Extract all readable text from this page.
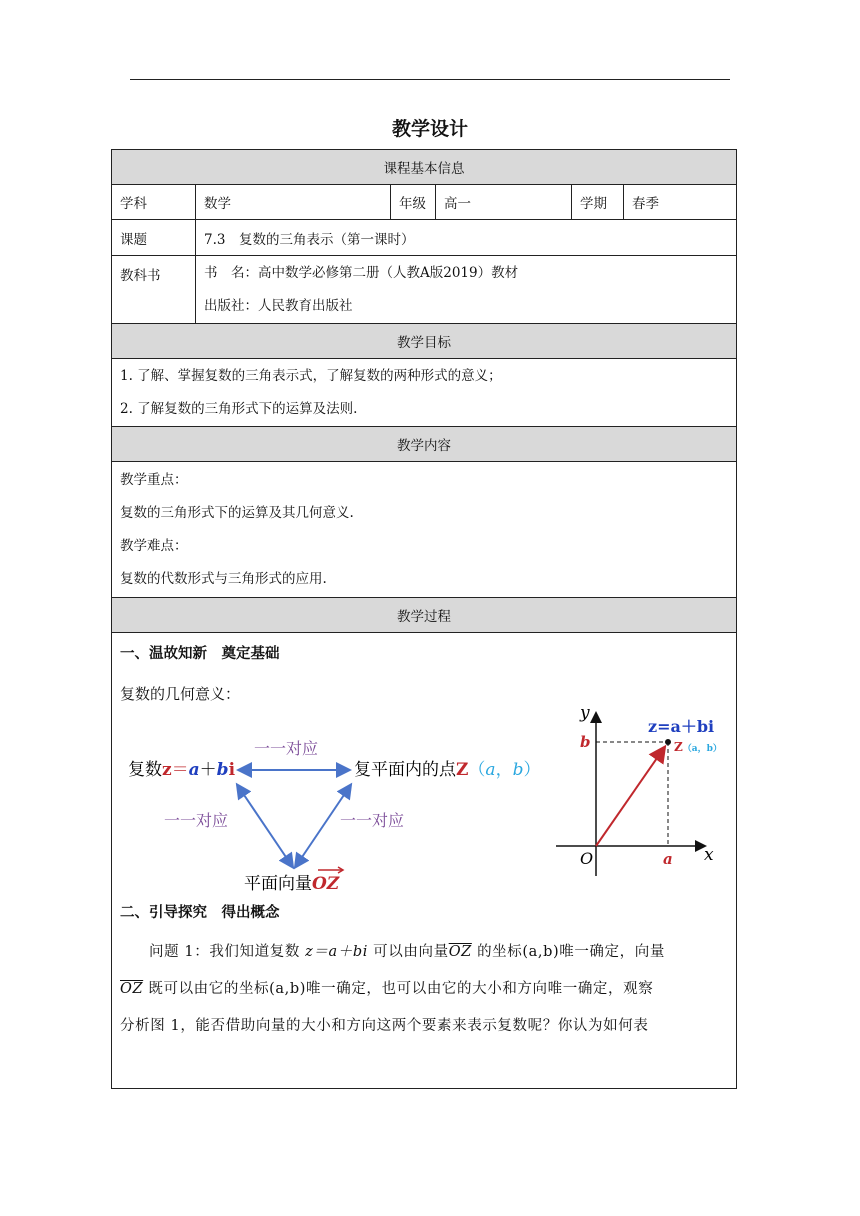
教学设计
课程基本信息
学科	数学	年级	高一	学期	春季
课题	7.3　复数的三角表示（第一课时）
教科书	书　名：高中数学必修第二册（人教A版2019）教材
出版社：人民教育出版社
教学目标
1. 了解、掌握复数的三角表示式，了解复数的两种形式的意义；
2. 了解复数的三角形式下的运算及法则.
教学内容
教学重点：
复数的三角形式下的运算及其几何意义.
教学难点：
复数的代数形式与三角形式的应用.
教学过程
一、温故知新　奠定基础
复数的几何意义：
复数z＝a＋bi	复平面内的点Z（a，b）
平面向量OZ
一一对应
一一对应	一一对应
y
x
O	a
b
z=a＋bi
Z（a，b）
二、引导探究　得出概念
问题 1：我们知道复数 z＝a＋bi 可以由向量$\overline{OZ}$ 的坐标(a,b)唯一确定，向量
$\overline{OZ}$ 既可以由它的坐标(a,b)唯一确定，也可以由它的大小和方向唯一确定，观察
分析图 1，能否借助向量的大小和方向这两个要素来表示复数呢？你认为如何表
